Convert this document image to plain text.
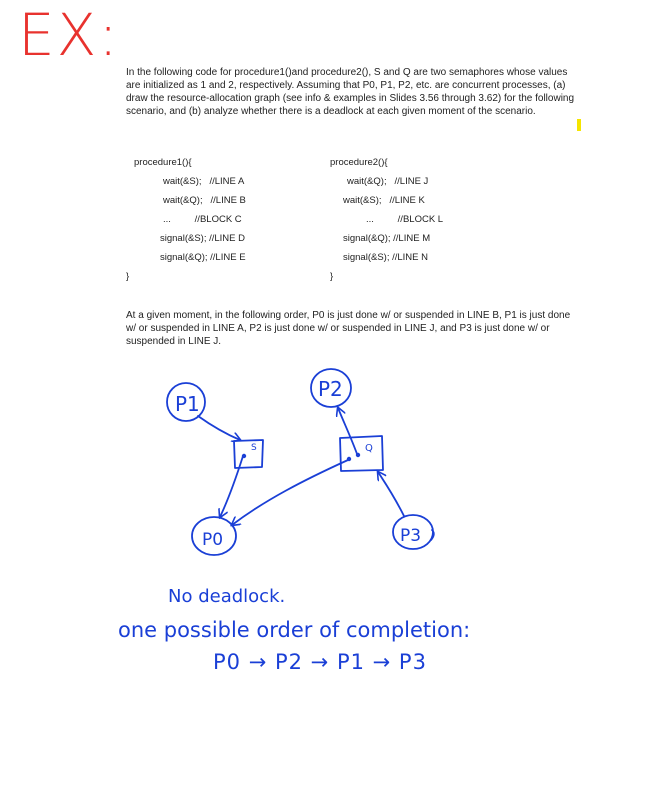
EX:
In the following code for procedure1()and procedure2(), S and Q are two semaphores whose values are initialized as 1 and 2, respectively. Assuming that P0, P1, P2, etc. are concurrent processes, (a) draw the resource-allocation graph (see info & examples in Slides 3.56 through 3.62) for the following scenario, and (b) analyze whether there is a deadlock at each given moment of the scenario.
procedure1(){
wait(&S);   //LINE A
wait(&Q);   //LINE B
...         //BLOCK C
signal(&S); //LINE D
signal(&Q); //LINE E
}
procedure2(){
wait(&Q);   //LINE J
wait(&S);   //LINE K
...         //BLOCK L
signal(&Q); //LINE M
signal(&S); //LINE N
}
At a given moment, in the following order, P0 is just done w/ or suspended in LINE B, P1 is just done w/ or suspended in LINE A, P2 is just done w/ or suspended in LINE J, and P3 is just done w/ or suspended in LINE J.
P1
P2
P0	P3
S	Q
No deadlock.
one possible order of completion:
P0 → P2 → P1 → P3
